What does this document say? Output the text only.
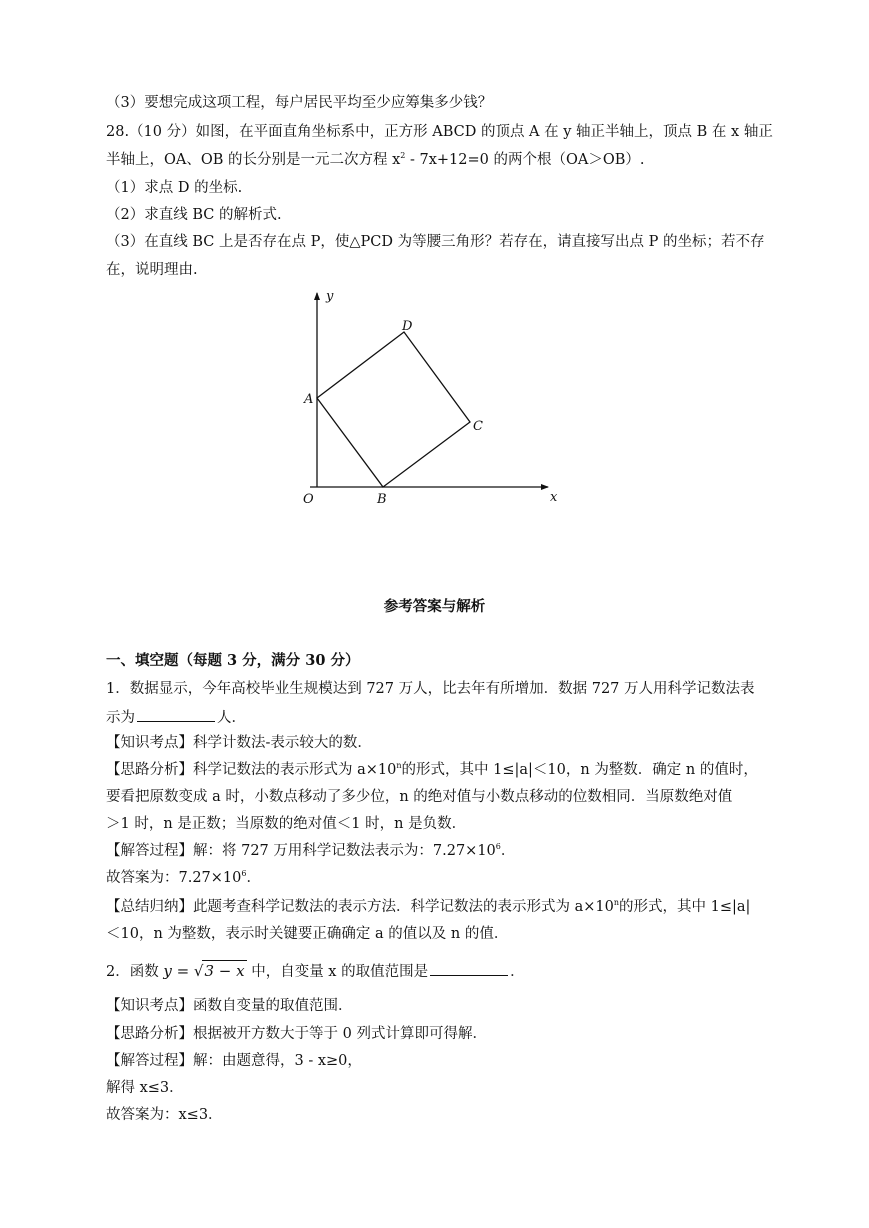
（3）要想完成这项工程，每户居民平均至少应筹集多少钱？
28.（10 分）如图，在平面直角坐标系中，正方形 ABCD 的顶点 A 在 y 轴正半轴上，顶点 B 在 x 轴正
半轴上，OA、OB 的长分别是一元二次方程 $x^2 - 7x+12=0$ 的两个根（OA＞OB）.
（1）求点 D 的坐标.
（2）求直线 BC 的解析式.
（3）在直线 BC 上是否存在点 P，使△PCD 为等腰三角形？若存在，请直接写出点 P 的坐标；若不存
在，说明理由.
y
x
O
A
B
C
D
参考答案与解析
一、填空题（每题 3 分，满分 30 分）
1．数据显示，今年高校毕业生规模达到 727 万人，比去年有所增加．数据 727 万人用科学记数法表
示为	人．
【知识考点】科学计数法-表示较大的数．
【思路分析】科学记数法的表示形式为 $a\times 10^n$的形式，其中 1≤|a|＜10，n 为整数．确定 n 的值时，
要看把原数变成 a 时，小数点移动了多少位，n 的绝对值与小数点移动的位数相同．当原数绝对值
＞1 时，n 是正数；当原数的绝对值＜1 时，n 是负数．
【解答过程】解：将 727 万用科学记数法表示为：$7.27\times 10^6$．
故答案为：$7.27\times 10^6$．
【总结归纳】此题考查科学记数法的表示方法．科学记数法的表示形式为 $a\times 10^n$的形式，其中 1≤|a|
＜10，n 为整数，表示时关键要正确确定 a 的值以及 n 的值．
2．函数 y = √3 − x 中，自变量 x 的取值范围是	．
【知识考点】函数自变量的取值范围．
【思路分析】根据被开方数大于等于 0 列式计算即可得解．
【解答过程】解：由题意得，3 - x≥0，
解得 x≤3．
故答案为：x≤3．
